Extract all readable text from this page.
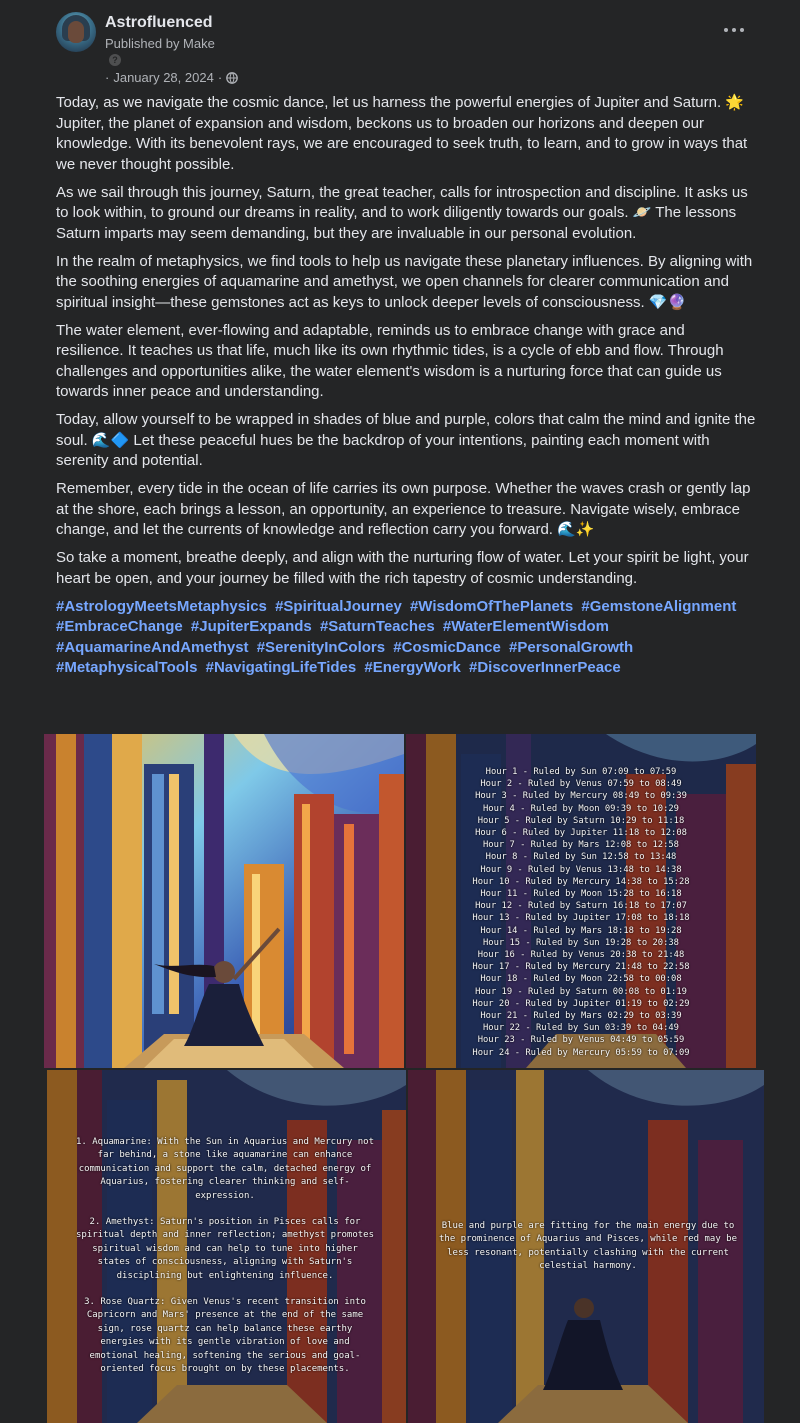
Astrofluenced
Published by Make
?
· January 28, 2024 ·

Today, as we navigate the cosmic dance, let us harness the powerful energies of Jupiter and Saturn. 🌟 Jupiter, the planet of expansion and wisdom, beckons us to broaden our horizons and deepen our knowledge. With its benevolent rays, we are encouraged to seek truth, to learn, and to grow in ways that we never thought possible.

As we sail through this journey, Saturn, the great teacher, calls for introspection and discipline. It asks us to look within, to ground our dreams in reality, and to work diligently towards our goals. 🪐 The lessons Saturn imparts may seem demanding, but they are invaluable in our personal evolution.

In the realm of metaphysics, we find tools to help us navigate these planetary influences. By aligning with the soothing energies of aquamarine and amethyst, we open channels for clearer communication and spiritual insight—these gemstones act as keys to unlock deeper levels of consciousness. 💎🔮

The water element, ever-flowing and adaptable, reminds us to embrace change with grace and resilience. It teaches us that life, much like its own rhythmic tides, is a cycle of ebb and flow. Through challenges and opportunities alike, the water element's wisdom is a nurturing force that can guide us towards inner peace and understanding.

Today, allow yourself to be wrapped in shades of blue and purple, colors that calm the mind and ignite the soul. 🌊🔷 Let these peaceful hues be the backdrop of your intentions, painting each moment with serenity and potential.

Remember, every tide in the ocean of life carries its own purpose. Whether the waves crash or gently lap at the shore, each brings a lesson, an opportunity, an experience to treasure. Navigate wisely, embrace change, and let the currents of knowledge and reflection carry you forward. 🌊✨

So take a moment, breathe deeply, and align with the nurturing flow of water. Let your spirit be light, your heart be open, and your journey be filled with the rich tapestry of cosmic understanding.

#AstrologyMeetsMetaphysics #SpiritualJourney #WisdomOfThePlanets #GemstoneAlignment #EmbraceChange #JupiterExpands #SaturnTeaches #WaterElementWisdom #AquamarineAndAmethyst #SerenityInColors #CosmicDance #PersonalGrowth #MetaphysicalTools #NavigatingLifeTides #EnergyWork #DiscoverInnerPeace
Hour 1 - Ruled by Sun 07:09 to 07:59
Hour 2 - Ruled by Venus 07:59 to 08:49
Hour 3 - Ruled by Mercury 08:49 to 09:39
Hour 4 - Ruled by Moon 09:39 to 10:29
Hour 5 - Ruled by Saturn 10:29 to 11:18
Hour 6 - Ruled by Jupiter 11:18 to 12:08
Hour 7 - Ruled by Mars 12:08 to 12:58
Hour 8 - Ruled by Sun 12:58 to 13:48
Hour 9 - Ruled by Venus 13:48 to 14:38
Hour 10 - Ruled by Mercury 14:38 to 15:28
Hour 11 - Ruled by Moon 15:28 to 16:18
Hour 12 - Ruled by Saturn 16:18 to 17:07
Hour 13 - Ruled by Jupiter 17:08 to 18:18
Hour 14 - Ruled by Mars 18:18 to 19:28
Hour 15 - Ruled by Sun 19:28 to 20:38
Hour 16 - Ruled by Venus 20:38 to 21:48
Hour 17 - Ruled by Mercury 21:48 to 22:58
Hour 18 - Ruled by Moon 22:58 to 00:08
Hour 19 - Ruled by Saturn 00:08 to 01:19
Hour 20 - Ruled by Jupiter 01:19 to 02:29
Hour 21 - Ruled by Mars 02:29 to 03:39
Hour 22 - Ruled by Sun 03:39 to 04:49
Hour 23 - Ruled by Venus 04:49 to 05:59
Hour 24 - Ruled by Mercury 05:59 to 07:09

1. Aquamarine: With the Sun in Aquarius and Mercury not far behind, a stone like aquamarine can enhance communication and support the calm, detached energy of Aquarius, fostering clearer thinking and self-expression.

2. Amethyst: Saturn's position in Pisces calls for spiritual depth and inner reflection; amethyst promotes spiritual wisdom and can help to tune into higher states of consciousness, aligning with Saturn's disciplining but enlightening influence.

3. Rose Quartz: Given Venus's recent transition into Capricorn and Mars' presence at the end of the same sign, rose quartz can help balance these earthy energies with its gentle vibration of love and emotional healing, softening the serious and goal-oriented focus brought on by these placements.

Blue and purple are fitting for the main energy due to the prominence of Aquarius and Pisces, while red may be less resonant, potentially clashing with the current celestial harmony.
